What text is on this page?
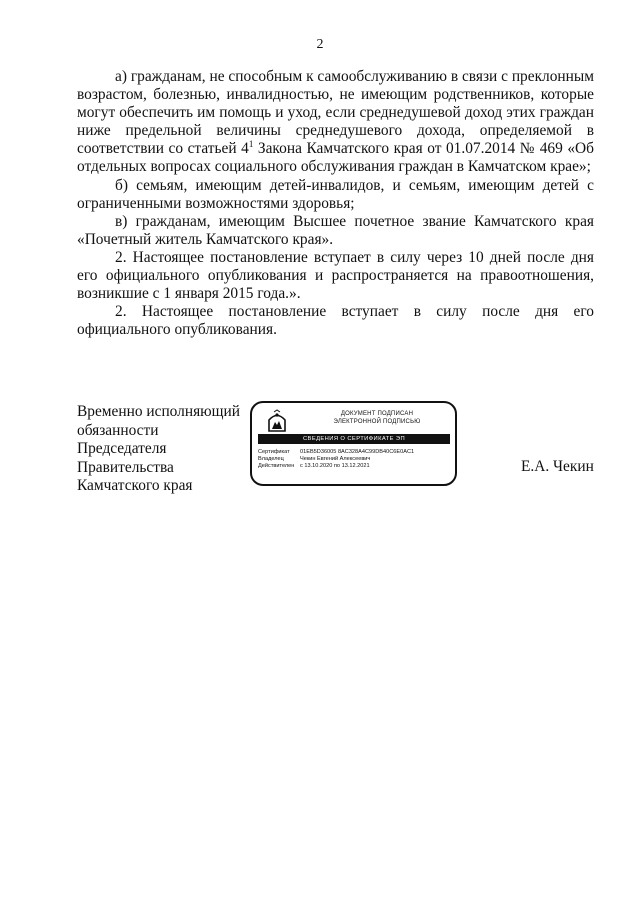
2

а) гражданам, не способным к самообслуживанию в связи с преклонным возрастом, болезнью, инвалидностью, не имеющим родственников, которые могут обеспечить им помощь и уход, если среднедушевой доход этих граждан ниже предельной величины среднедушевого дохода, определяемой в соответствии со статьей $4^1$ Закона Камчатского края от 01.07.2014 № 469 «Об отдельных вопросах социального обслуживания граждан в Камчатском крае»;

б) семьям, имеющим детей-инвалидов, и семьям, имеющим детей с ограниченными возможностями здоровья;

в) гражданам, имеющим Высшее почетное звание Камчатского края «Почетный житель Камчатского края».

2. Настоящее постановление вступает в силу через 10 дней после дня его официального опубликования и распространяется на правоотношения, возникшие с 1 января 2015 года.».

2. Настоящее постановление вступает в силу после дня его официального опубликования.

Временно исполняющий
обязанности
Председателя
Правительства
Камчатского края
ДОКУМЕНТ ПОДПИСАН
ЭЛЕКТРОННОЙ ПОДПИСЬЮ
СВЕДЕНИЯ О СЕРТИФИКАТЕ ЭП
Сертификат 01EB5D36005 8AC328A4C99DB40C6E0AC1
Владелец	Чекин Евгений Алексеевич
Действителен с 13.10.2020 по 13.12.2021	Е.А. Чекин
